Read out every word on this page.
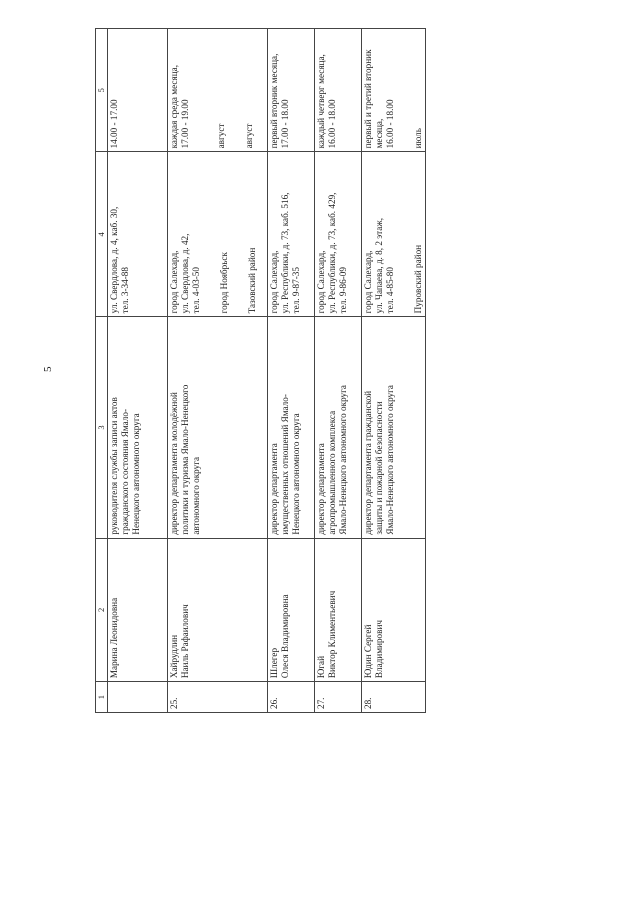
5
1	2	3	4	5

	Марина Леонидовна	руководителя службы записи актов гражданского состояния Ямало- Ненецкого автономного округа	ул. Свердлова, д. 4, каб. 30, тел. 3-34-88	14.00 - 17.00

25.	Хайрудлин Наиль Рафаилович	директор департамента молодёжной политики и туризма Ямало-Ненецкого автономного округа	город Салехард, ул. Свердлова, д. 42, тел. 4-03-50 город Ноябрьск Тазовский район	каждая среда месяца, 17.00 - 19.00 август август

26.	Шлегер Олеся Владимировна	директор департамента имущественных отношений Ямало- Ненецкого автономного округа	город Салехард, ул. Республики, д. 73, каб. 516, тел. 9-87-35	первый вторник месяца, 17.00 - 18.00

27.	Югай Виктор Климентьевич	директор департамента агропромышленного комплекса Ямало-Ненецкого автономного округа	город Салехард, ул. Республики, д. 73, каб. 429, тел. 9-86-09	каждый четверг месяца, 16.00 - 18.00

28.	Юдин Сергей Владимирович	директор департамента гражданской защиты и пожарной безопасности Ямало-Ненецкого автономного округа	город Салехард, ул. Чапаева, д. 8, 2 этаж, тел. 4-85-80 Пуровский район	первый и третий вторник месяца, 16.00 - 18.00 июль
